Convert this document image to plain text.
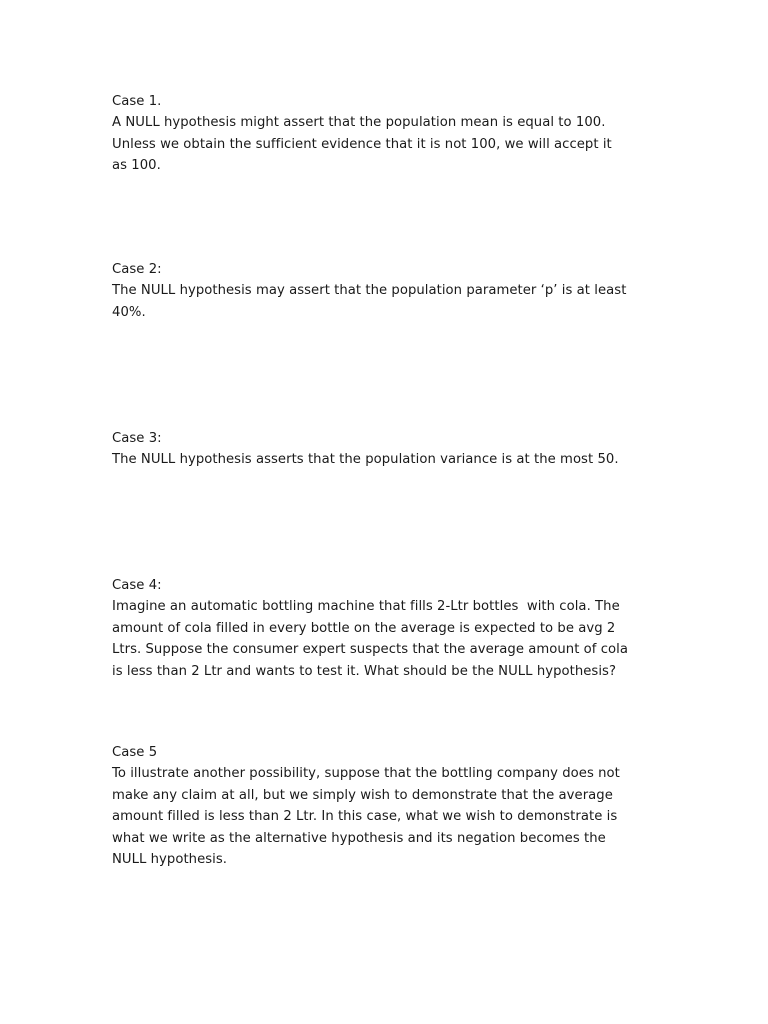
Case 1.

A NULL hypothesis might assert that the population mean is equal to 100.

Unless we obtain the sufficient evidence that it is not 100, we will accept it

as 100.

Case 2:

The NULL hypothesis may assert that the population parameter ‘p’ is at least

40%.

Case 3:

The NULL hypothesis asserts that the population variance is at the most 50.

Case 4:

Imagine an automatic bottling machine that fills 2-Ltr bottles  with cola. The

amount of cola filled in every bottle on the average is expected to be avg 2

Ltrs. Suppose the consumer expert suspects that the average amount of cola

is less than 2 Ltr and wants to test it. What should be the NULL hypothesis?

Case 5

To illustrate another possibility, suppose that the bottling company does not

make any claim at all, but we simply wish to demonstrate that the average

amount filled is less than 2 Ltr. In this case, what we wish to demonstrate is

what we write as the alternative hypothesis and its negation becomes the

NULL hypothesis.
